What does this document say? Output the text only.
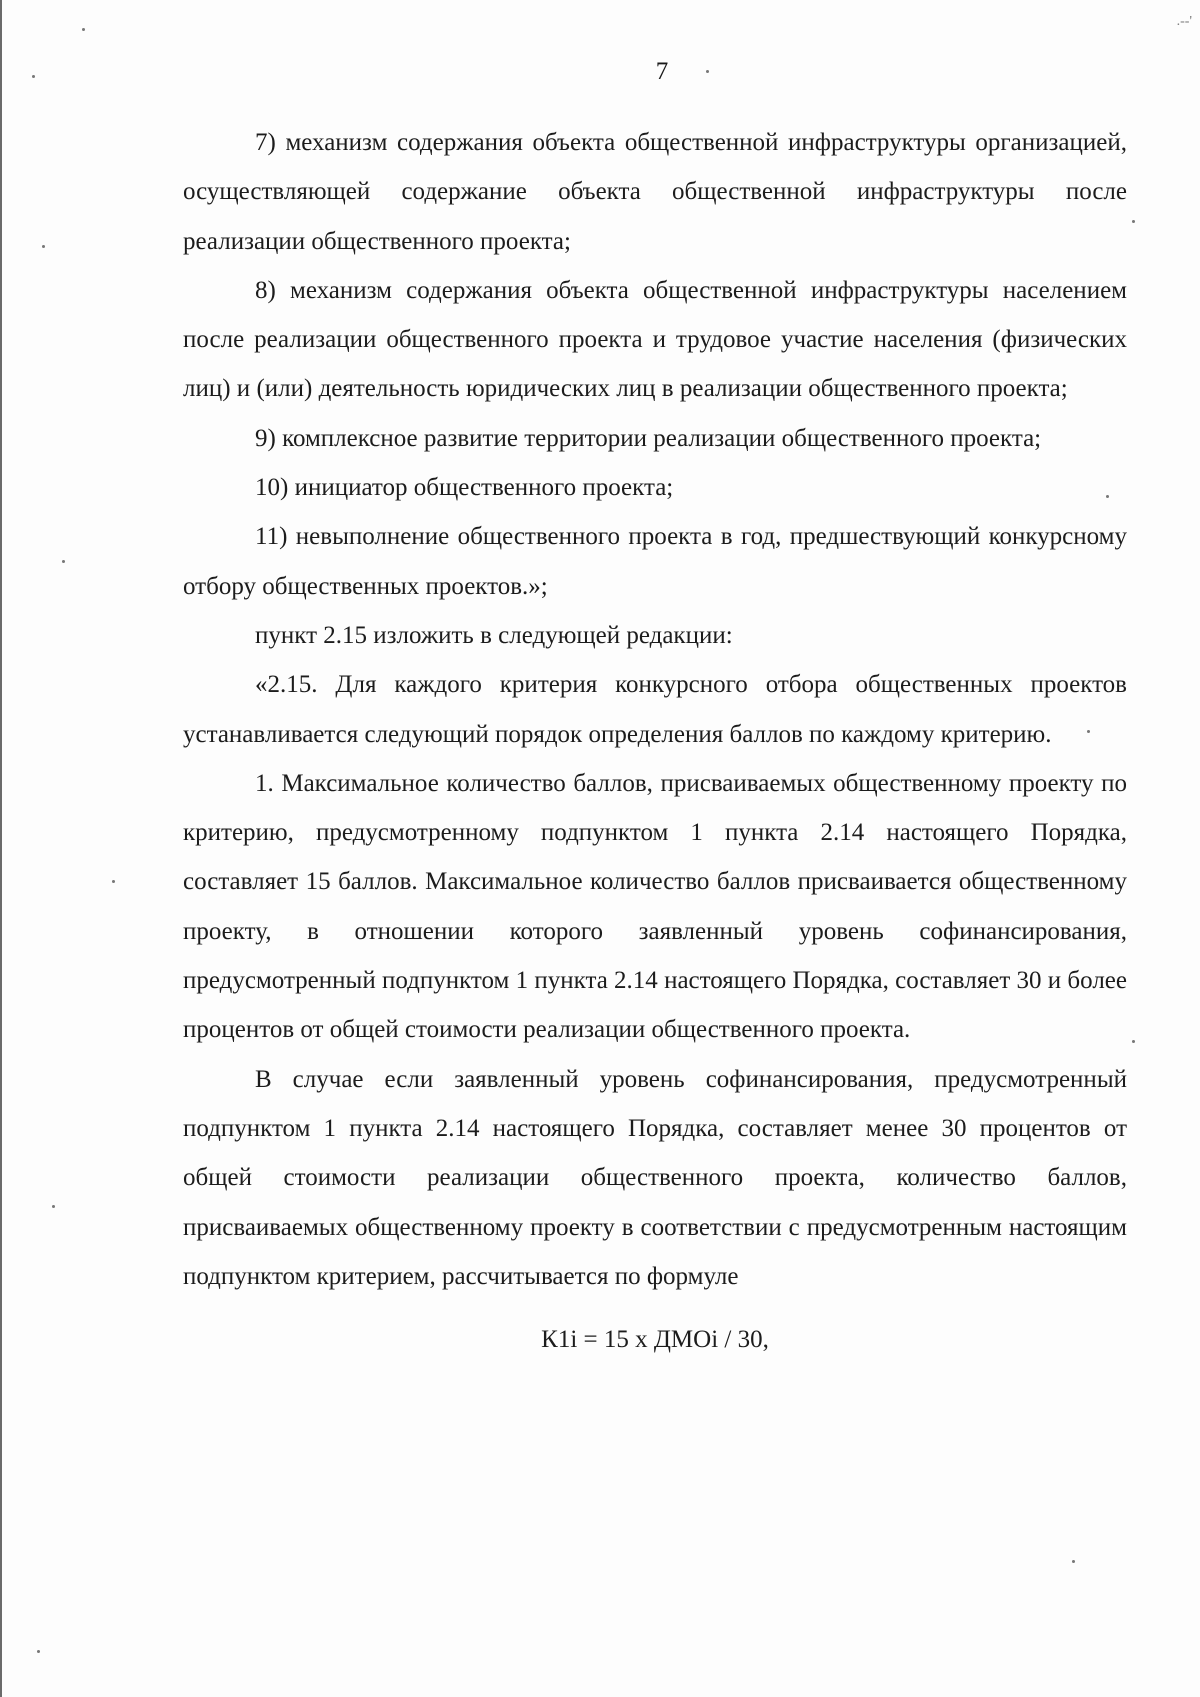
.--'
7

7) механизм содержания объекта общественной инфраструктуры организацией, осуществляющей содержание объекта общественной инфраструктуры после реализации общественного проекта;

8) механизм содержания объекта общественной инфраструктуры населением после реализации общественного проекта и трудовое участие населения (физических лиц) и (или) деятельность юридических лиц в реализации общественного проекта;

9) комплексное развитие территории реализации общественного проекта;

10) инициатор общественного проекта;

11) невыполнение общественного проекта в год, предшествующий конкурсному отбору общественных проектов.»;

пункт 2.15 изложить в следующей редакции:

«2.15. Для каждого критерия конкурсного отбора общественных проектов устанавливается следующий порядок определения баллов по каждому критерию.

1. Максимальное количество баллов, присваиваемых общественному проекту по критерию, предусмотренному подпунктом 1 пункта 2.14 настоящего Порядка, составляет 15 баллов. Максимальное количество баллов присваивается общественному проекту, в отношении которого заявленный уровень софинансирования, предусмотренный подпунктом 1 пункта 2.14 настоящего Порядка, составляет 30 и более процентов от общей стоимости реализации общественного проекта.

В случае если заявленный уровень софинансирования, предусмотренный подпунктом 1 пункта 2.14 настоящего Порядка, составляет менее 30 процентов от общей стоимости реализации общественного проекта, количество баллов, присваиваемых общественному проекту в соответствии с предусмотренным настоящим подпунктом критерием, рассчитывается по формуле

К1i = 15 х ДМОi / 30,
